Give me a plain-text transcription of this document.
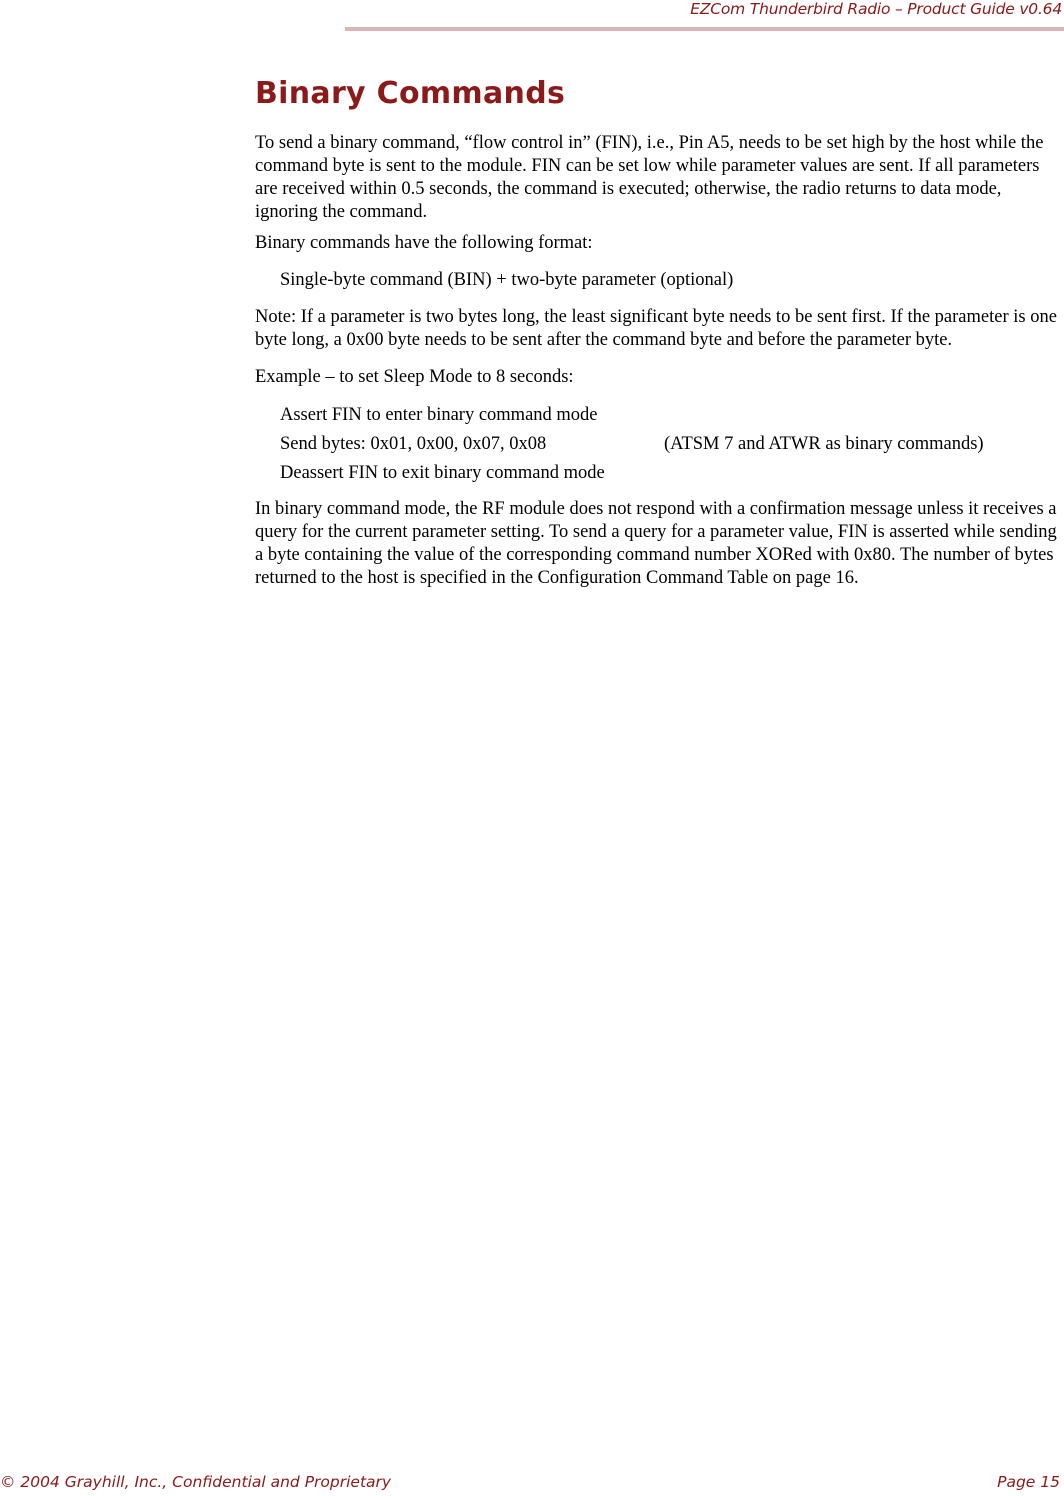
EZCom Thunderbird Radio – Product Guide v0.64
Binary Commands

To send a binary command, “flow control in” (FIN), i.e., Pin A5, needs to be set high by the host while the command byte is sent to the module. FIN can be set low while parameter values are sent. If all parameters are received within 0.5 seconds, the command is executed; otherwise, the radio returns to data mode, ignoring the command.

Binary commands have the following format:

Single-byte command (BIN) + two-byte parameter (optional)

Note: If a parameter is two bytes long, the least significant byte needs to be sent first. If the parameter is one byte long, a 0x00 byte needs to be sent after the command byte and before the parameter byte.

Example – to set Sleep Mode to 8 seconds:

Assert FIN to enter binary command mode
Send bytes: 0x01, 0x00, 0x07, 0x08	(ATSM 7 and ATWR as binary commands)
Deassert FIN to exit binary command mode

In binary command mode, the RF module does not respond with a confirmation message unless it receives a query for the current parameter setting. To send a query for a parameter value, FIN is asserted while sending a byte containing the value of the corresponding command number XORed with 0x80. The number of bytes returned to the host is specified in the Configuration Command Table on page 16.

© 2004 Grayhill, Inc., Confidential and Proprietary	Page 15
